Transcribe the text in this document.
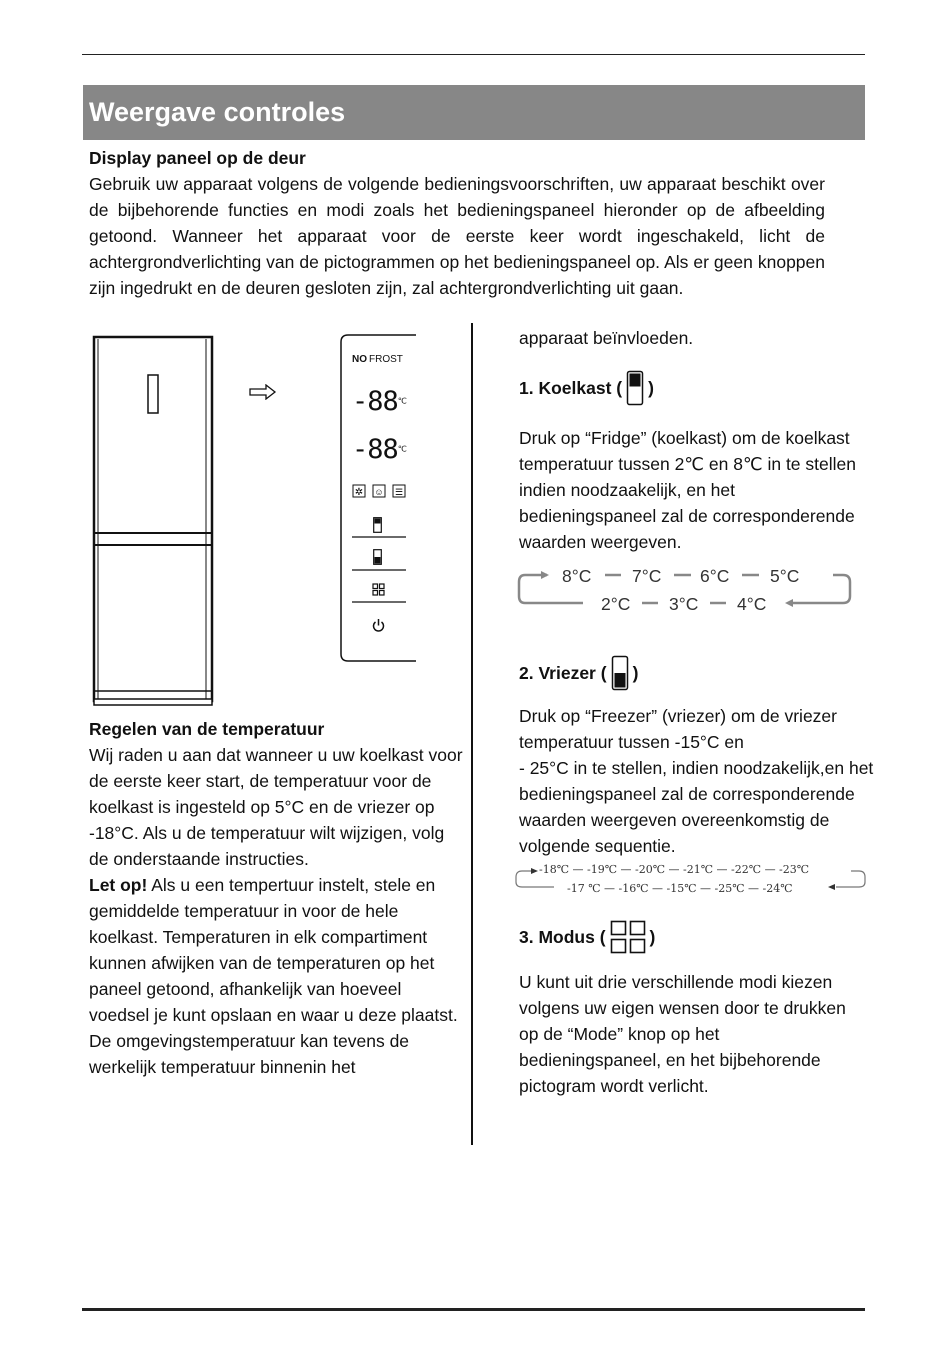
Weergave controles

Display paneel op de deur

Gebruik uw apparaat volgens de volgende bedieningsvoorschriften, uw apparaat beschikt over de bijbehorende functies en modi zoals het bedieningspaneel hieronder op de afbeelding getoond. Wanneer het apparaat voor de eerste keer wordt ingeschakeld, licht de achtergrondverlichting van de pictogrammen op het bedieningspaneel op. Als er geen knoppen zijn ingedrukt en de deuren gesloten zijn, zal achtergrondverlichting uit gaan.

NO FROST
-88℃
-88℃
✲ ☺ ☰

Regelen van de temperatuur

Wij raden u aan dat wanneer u uw koelkast voor de eerste keer start, de temperatuur voor de koelkast is ingesteld op 5°C en de vriezer op -18°C. Als u de temperatuur wilt wijzigen, volg de onderstaande instructies.

Let op! Als u een tempertuur instelt, stele en gemiddelde temperatuur in voor de hele koelkast. Temperaturen in elk compartiment kunnen afwijken van de temperaturen op het paneel getoond, afhankelijk van hoeveel voedsel je kunt opslaan en waar u deze plaatst. De omgevingstemperatuur kan tevens de werkelijk temperatuur binnenin het

apparaat beïnvloeden.
1. Koelkast ( )
Druk op “Fridge” (koelkast) om de koelkast temperatuur tussen 2℃ en 8℃ in te stellen indien noodzaakelijk, en het bedieningspaneel zal de corresponderende waarden weergeven.
8°C 7°C 6°C 5°C
2°C 3°C 4°C
2. Vriezer ( )
Druk op “Freezer” (vriezer) om de vriezer temperatuur tussen -15°C en
- 25°C in te stellen, indien noodzakelijk,en het bedieningspaneel zal de corresponderende waarden weergeven overeenkomstig de volgende sequentie.
-18℃ — -19℃ — -20℃ — -21℃ — -22℃ — -23℃
-17 ℃ — -16℃ — -15℃ — -25℃ — -24℃
3. Modus (	)
U kunt uit drie verschillende modi kiezen volgens uw eigen wensen door te drukken op de “Mode” knop op het bedieningspaneel, en het bijbehorende pictogram wordt verlicht.
